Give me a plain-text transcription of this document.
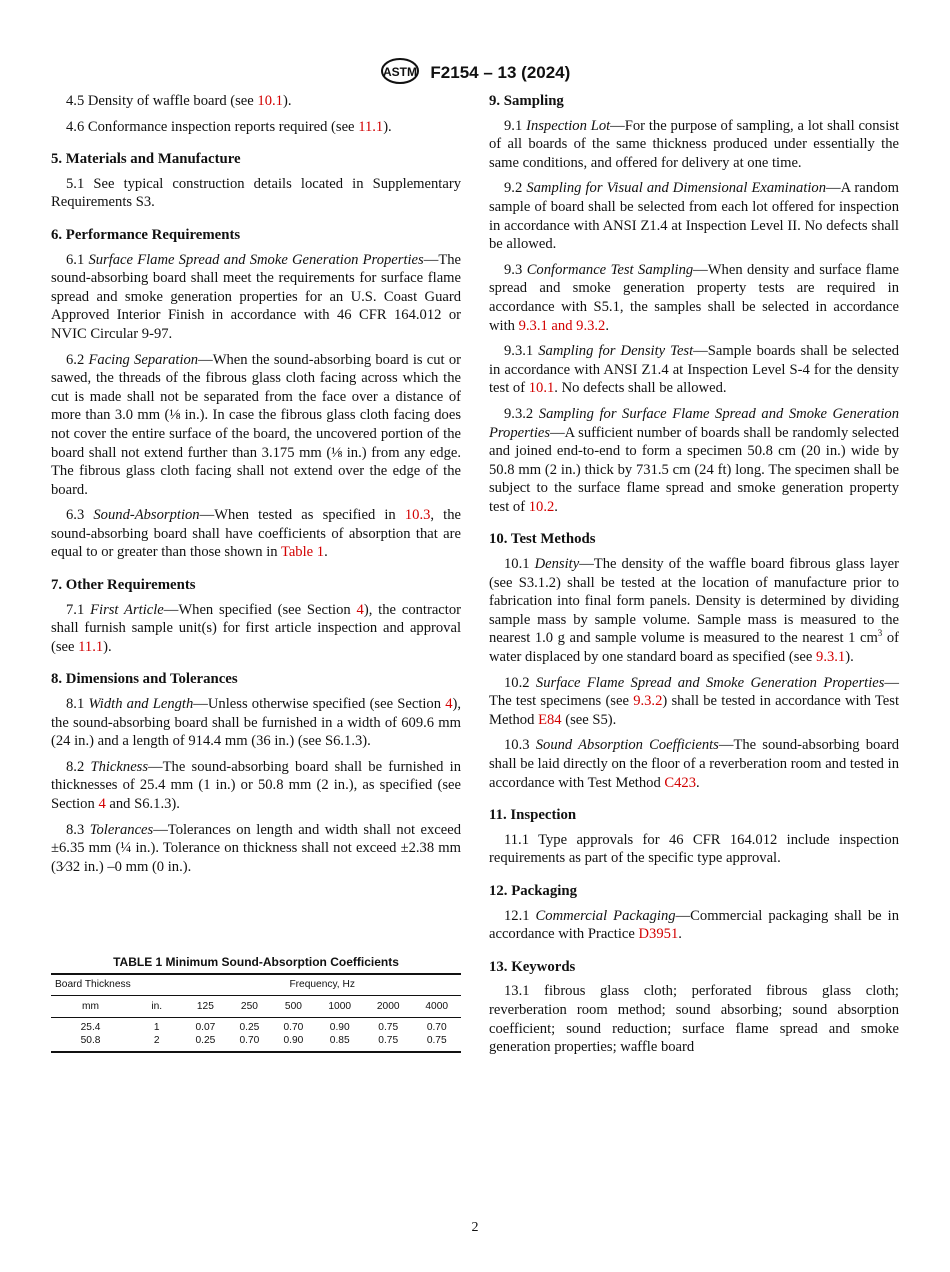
ASTM F2154 – 13 (2024)

4.5 Density of waffle board (see 10.1).

4.6 Conformance inspection reports required (see 11.1).

5. Materials and Manufacture

5.1 See typical construction details located in Supplementary Requirements S3.

6. Performance Requirements

6.1 Surface Flame Spread and Smoke Generation Properties—The sound-absorbing board shall meet the requirements for surface flame spread and smoke generation properties for an U.S. Coast Guard Approved Interior Finish in accordance with 46 CFR 164.012 or NVIC Circular 9-97.

6.2 Facing Separation—When the sound-absorbing board is cut or sawed, the threads of the fibrous glass cloth facing across which the cut is made shall not be separated from the face over a distance of more than 3.0 mm (⅛ in.). In case the fibrous glass cloth facing does not cover the entire surface of the board, the uncovered portion of the board shall not extend further than 3.175 mm (⅛ in.) from any edge. The fibrous glass cloth facing shall not extend over the edge of the board.

6.3 Sound-Absorption—When tested as specified in 10.3, the sound-absorbing board shall have coefficients of absorption that are equal to or greater than those shown in Table 1.

7. Other Requirements

7.1 First Article—When specified (see Section 4), the contractor shall furnish sample unit(s) for first article inspection and approval (see 11.1).

8. Dimensions and Tolerances

8.1 Width and Length—Unless otherwise specified (see Section 4), the sound-absorbing board shall be furnished in a width of 609.6 mm (24 in.) and a length of 914.4 mm (36 in.) (see S6.1.3).

8.2 Thickness—The sound-absorbing board shall be furnished in thicknesses of 25.4 mm (1 in.) or 50.8 mm (2 in.), as specified (see Section 4 and S6.1.3).

8.3 Tolerances—Tolerances on length and width shall not exceed ±6.35 mm (¼ in.). Tolerance on thickness shall not exceed ±2.38 mm (3⁄32 in.) –0 mm (0 in.).

9. Sampling

9.1 Inspection Lot—For the purpose of sampling, a lot shall consist of all boards of the same thickness produced under essentially the same conditions, and offered for delivery at one time.

9.2 Sampling for Visual and Dimensional Examination—A random sample of board shall be selected from each lot offered for inspection in accordance with ANSI Z1.4 at Inspection Level II. No defects shall be allowed.

9.3 Conformance Test Sampling—When density and surface flame spread and smoke generation property tests are required in accordance with S5.1, the samples shall be selected in accordance with 9.3.1 and 9.3.2.

9.3.1 Sampling for Density Test—Sample boards shall be selected in accordance with ANSI Z1.4 at Inspection Level S-4 for the density test of 10.1. No defects shall be allowed.

9.3.2 Sampling for Surface Flame Spread and Smoke Generation Properties—A sufficient number of boards shall be randomly selected and joined end-to-end to form a specimen 50.8 cm (20 in.) wide by 50.8 mm (2 in.) thick by 731.5 cm (24 ft) long. The specimen shall be subject to the surface flame spread and smoke generation property test of 10.2.

10. Test Methods

10.1 Density—The density of the waffle board fibrous glass layer (see S3.1.2) shall be tested at the location of manufacture prior to fabrication into final form panels. Density is determined by dividing sample mass by sample volume. Sample mass is measured to the nearest 1.0 g and sample volume is measured to the nearest 1 $cm^3$ of water displaced by one standard board as specified (see 9.3.1).

10.2 Surface Flame Spread and Smoke Generation Properties—The test specimens (see 9.3.2) shall be tested in accordance with Test Method E84 (see S5).

10.3 Sound Absorption Coefficients—The sound-absorbing board shall be laid directly on the floor of a reverberation room and tested in accordance with Test Method C423.

11. Inspection

11.1 Type approvals for 46 CFR 164.012 include inspection requirements as part of the specific type approval.

12. Packaging

12.1 Commercial Packaging—Commercial packaging shall be in accordance with Practice D3951.

13. Keywords

13.1 fibrous glass cloth; perforated fibrous glass cloth; reverberation room method; sound absorbing; sound absorption coefficient; sound reduction; surface flame spread and smoke generation properties; waffle board

TABLE 1 Minimum Sound-Absorption Coefficients
Board Thickness		Frequency, Hz					
mm	in.	125	250	500	1000	2000	4000
25.4	1	0.07	0.25	0.70	0.90	0.75	0.70
50.8	2	0.25	0.70	0.90	0.85	0.75	0.75
2
